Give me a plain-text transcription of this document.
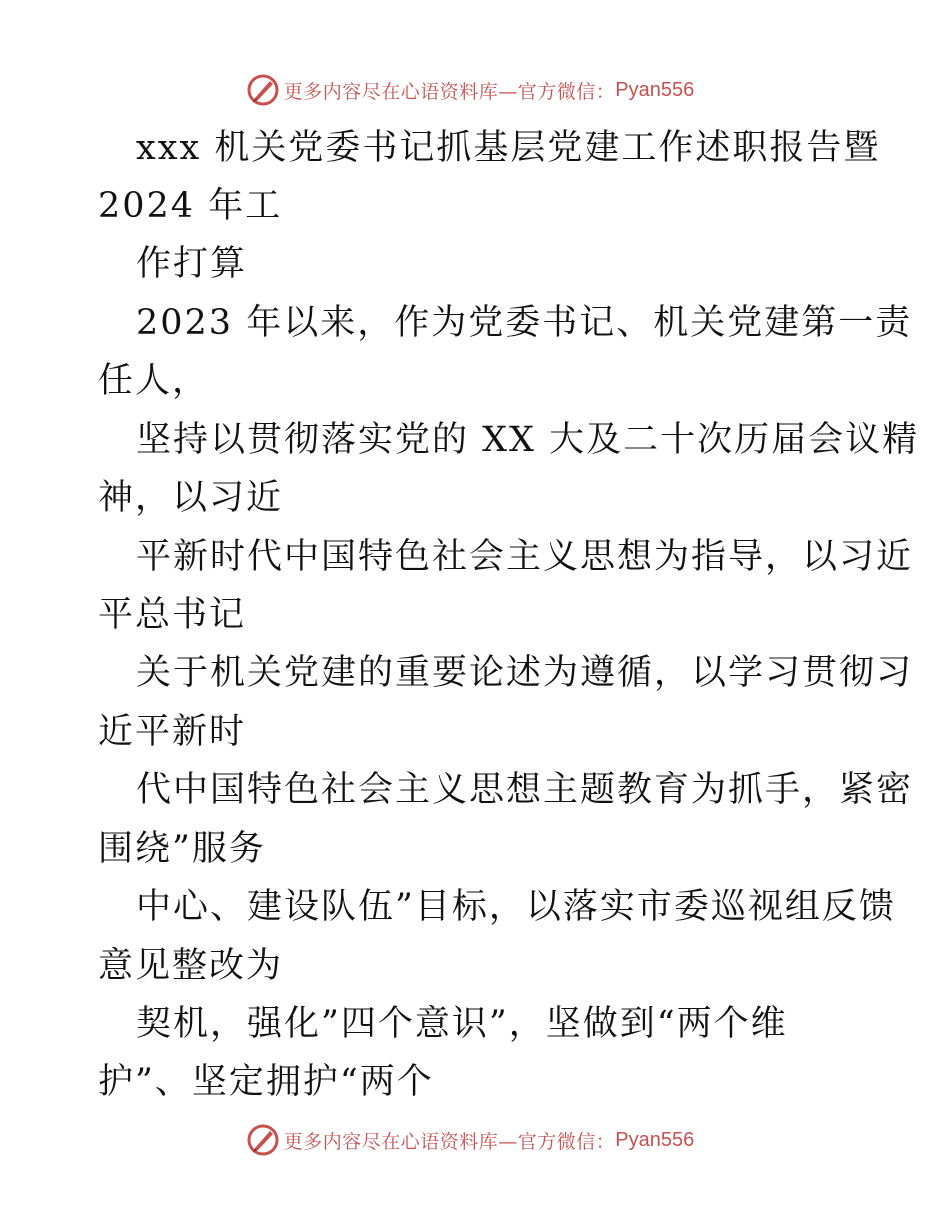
更多内容尽在心语资料库—官方微信： Pyan556
xxx 机关党委书记抓基层党建工作述职报告暨
2024 年工
作打算
2023 年以来，作为党委书记、机关党建第一责
任人，
坚持以贯彻落实党的 XX 大及二十次历届会议精
神，以习近
平新时代中国特色社会主义思想为指导，以习近
平总书记
关于机关党建的重要论述为遵循，以学习贯彻习
近平新时
代中国特色社会主义思想主题教育为抓手，紧密
围绕”服务
中心、建设队伍”目标，以落实市委巡视组反馈
意见整改为
契机，强化”四个意识”，坚做到“两个维
护”、坚定拥护“两个
更多内容尽在心语资料库—官方微信： Pyan556
